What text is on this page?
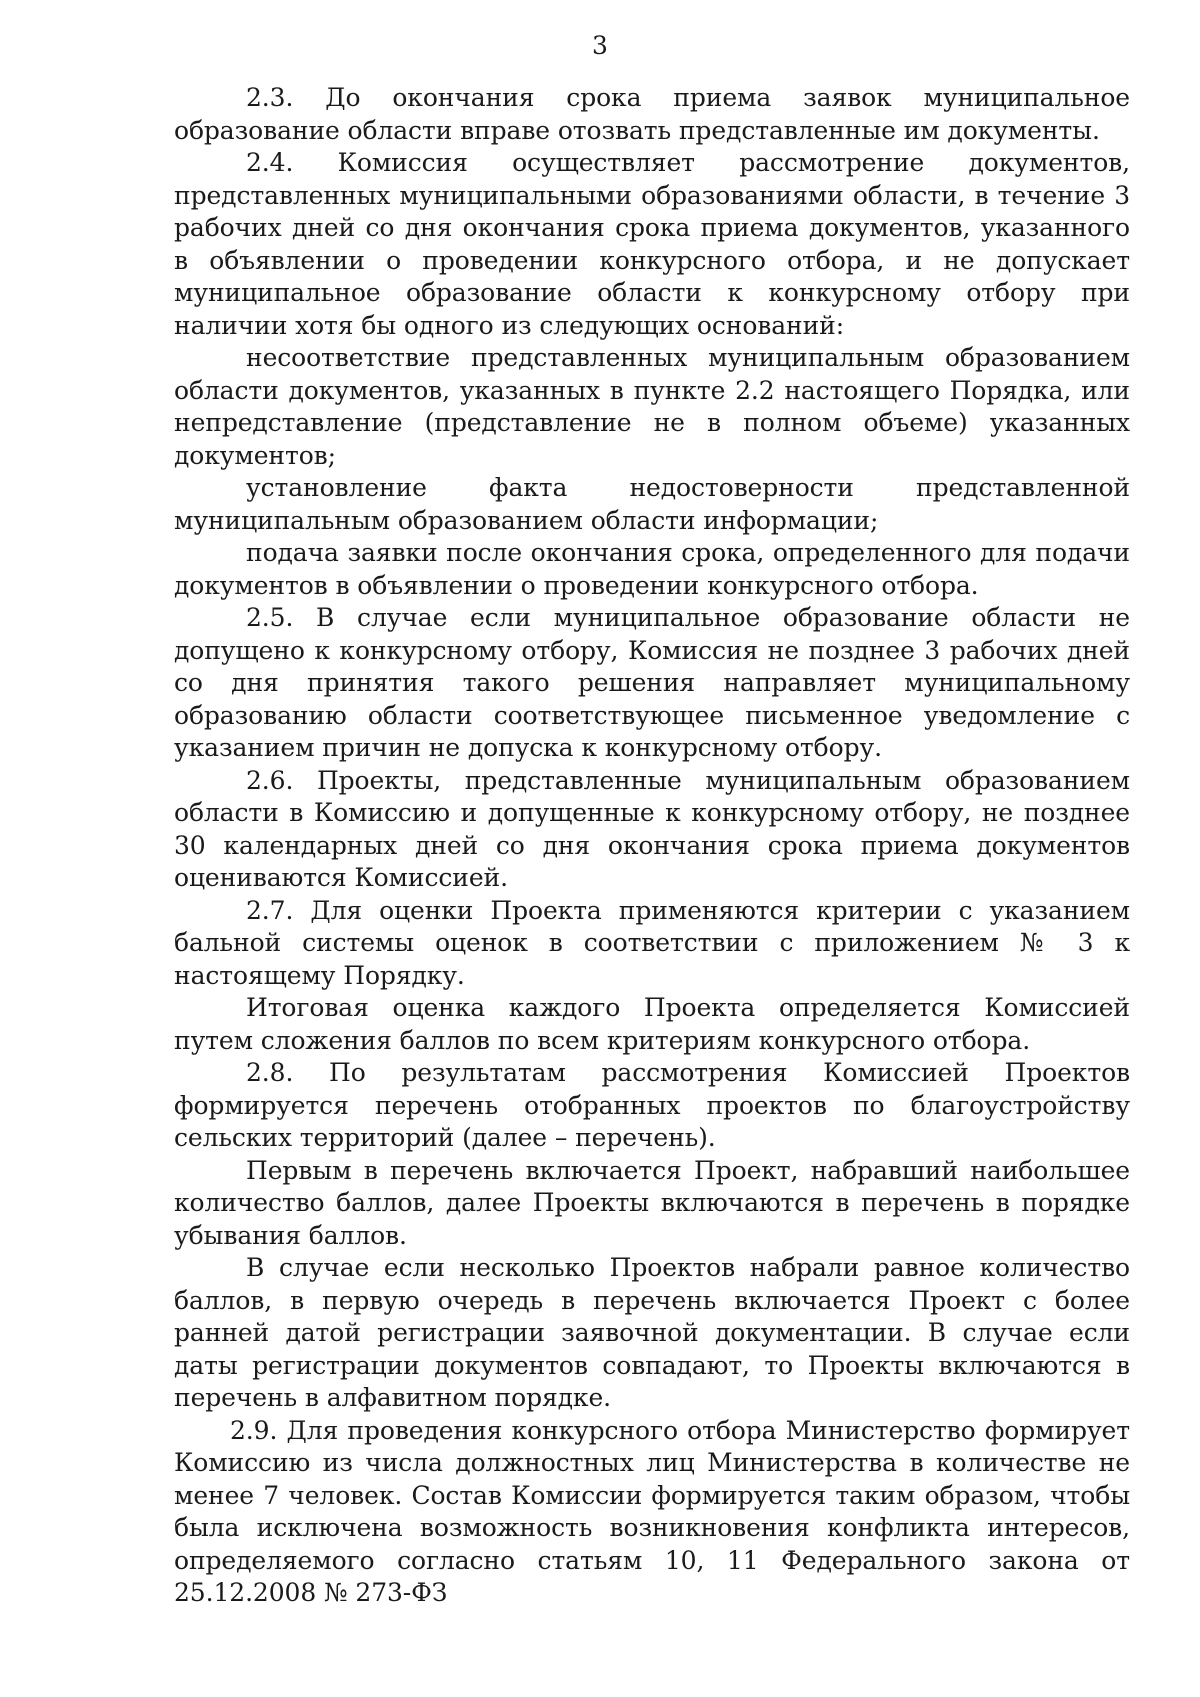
3

2.3. До окончания срока приема заявок муниципальное образование области вправе отозвать представленные им документы.

2.4. Комиссия осуществляет рассмотрение документов, представленных муниципальными образованиями области, в течение 3 рабочих дней со дня окончания срока приема документов, указанного в объявлении о проведении конкурсного отбора, и не допускает муниципальное образование области к конкурсному отбору при наличии хотя бы одного из следующих оснований:

несоответствие представленных муниципальным образованием области документов, указанных в пункте 2.2 настоящего Порядка, или непредставление (представление не в полном объеме) указанных документов;

установление факта недостоверности представленной муниципальным образованием области информации;

подача заявки после окончания срока, определенного для подачи документов в объявлении о проведении конкурсного отбора.

2.5. В случае если муниципальное образование области не допущено к конкурсному отбору, Комиссия не позднее 3 рабочих дней со дня принятия такого решения направляет муниципальному образованию области соответствующее письменное уведомление с указанием причин не допуска к конкурсному отбору.

2.6. Проекты, представленные муниципальным образованием области в Комиссию и допущенные к конкурсному отбору, не позднее 30 календарных дней со дня окончания срока приема документов оцениваются Комиссией.

2.7. Для оценки Проекта применяются критерии с указанием бальной системы оценок в соответствии с приложением № 3 к настоящему Порядку.

Итоговая оценка каждого Проекта определяется Комиссией путем сложения баллов по всем критериям конкурсного отбора.

2.8. По результатам рассмотрения Комиссией Проектов формируется перечень отобранных проектов по благоустройству сельских территорий (далее – перечень).

Первым в перечень включается Проект, набравший наибольшее количество баллов, далее Проекты включаются в перечень в порядке убывания баллов.

В случае если несколько Проектов набрали равное количество баллов, в первую очередь в перечень включается Проект с более ранней датой регистрации заявочной документации. В случае если даты регистрации документов совпадают, то Проекты включаются в перечень в алфавитном порядке.

2.9. Для проведения конкурсного отбора Министерство формирует Комиссию из числа должностных лиц Министерства в количестве не менее 7 человек. Состав Комиссии формируется таким образом, чтобы была исключена возможность возникновения конфликта интересов, определяемого согласно статьям 10, 11 Федерального закона от 25.12.2008 № 273-ФЗ
